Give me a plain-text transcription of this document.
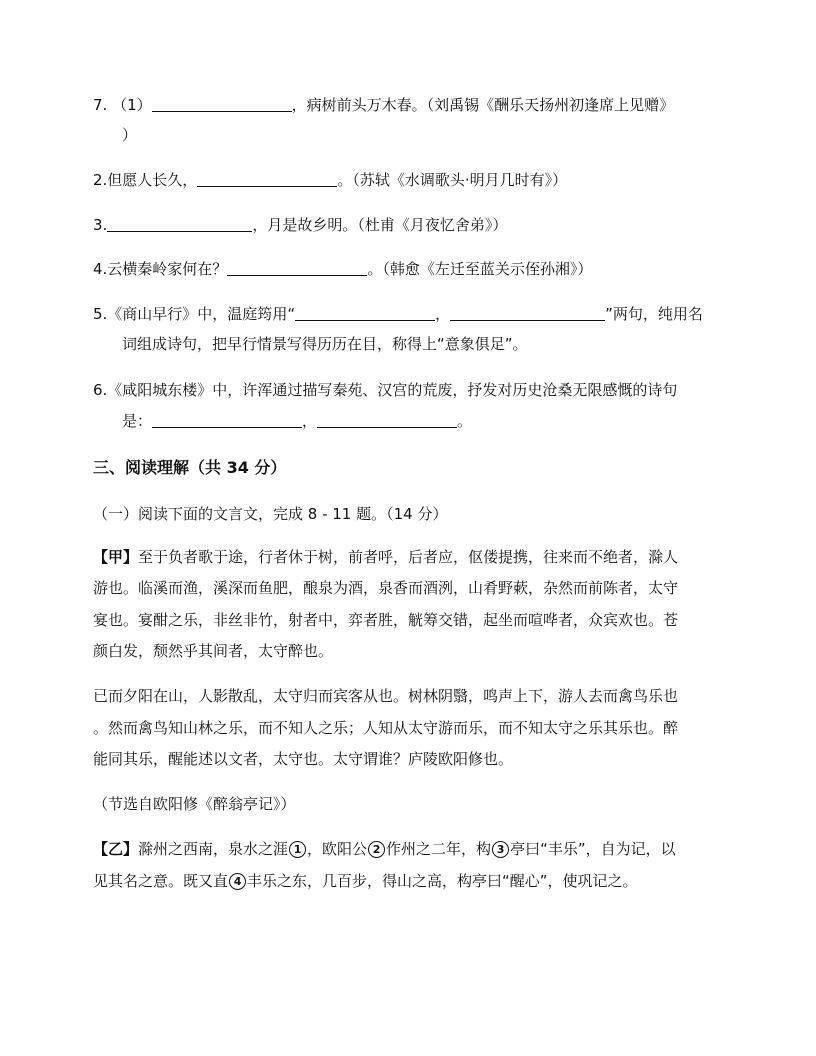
7. （1）	，病树前头万木春。（刘禹锡《酬乐天扬州初逢席上见赠》
）
2.但愿人长久，	。（苏轼《水调歌头·明月几时有》）
3.	，月是故乡明。（杜甫《月夜忆舍弟》）
4.云横秦岭家何在？	。（韩愈《左迁至蓝关示侄孙湘》）
5.《商山早行》中，温庭筠用“	，	”两句，纯用名
词组成诗句，把早行情景写得历历在目，称得上“意象俱足”。
6.《咸阳城东楼》中，许浑通过描写秦苑、汉宫的荒废，抒发对历史沧桑无限感慨的诗句
是：	，	。
三、阅读理解（共 34 分）
（一）阅读下面的文言文，完成 8 - 11 题。（14 分）
【甲】至于负者歌于途，行者休于树，前者呼，后者应，伛偻提携，往来而不绝者，滁人
游也。临溪而渔，溪深而鱼肥，酿泉为酒，泉香而酒洌，山肴野蔌，杂然而前陈者，太守
宴也。宴酣之乐，非丝非竹，射者中，弈者胜，觥筹交错，起坐而喧哗者，众宾欢也。苍
颜白发，颓然乎其间者，太守醉也。
已而夕阳在山，人影散乱，太守归而宾客从也。树林阴翳，鸣声上下，游人去而禽鸟乐也
。然而禽鸟知山林之乐，而不知人之乐；人知从太守游而乐，而不知太守之乐其乐也。醉
能同其乐，醒能述以文者，太守也。太守谓谁？庐陵欧阳修也。
（节选自欧阳修《醉翁亭记》）
【乙】滁州之西南，泉水之涯 1 ，欧阳公 2 作州之二年，构 3 亭曰“丰乐”，自为记，以
见其名之意。既又直 4 丰乐之东，几百步，得山之高，构亭曰“醒心”，使巩记之。
